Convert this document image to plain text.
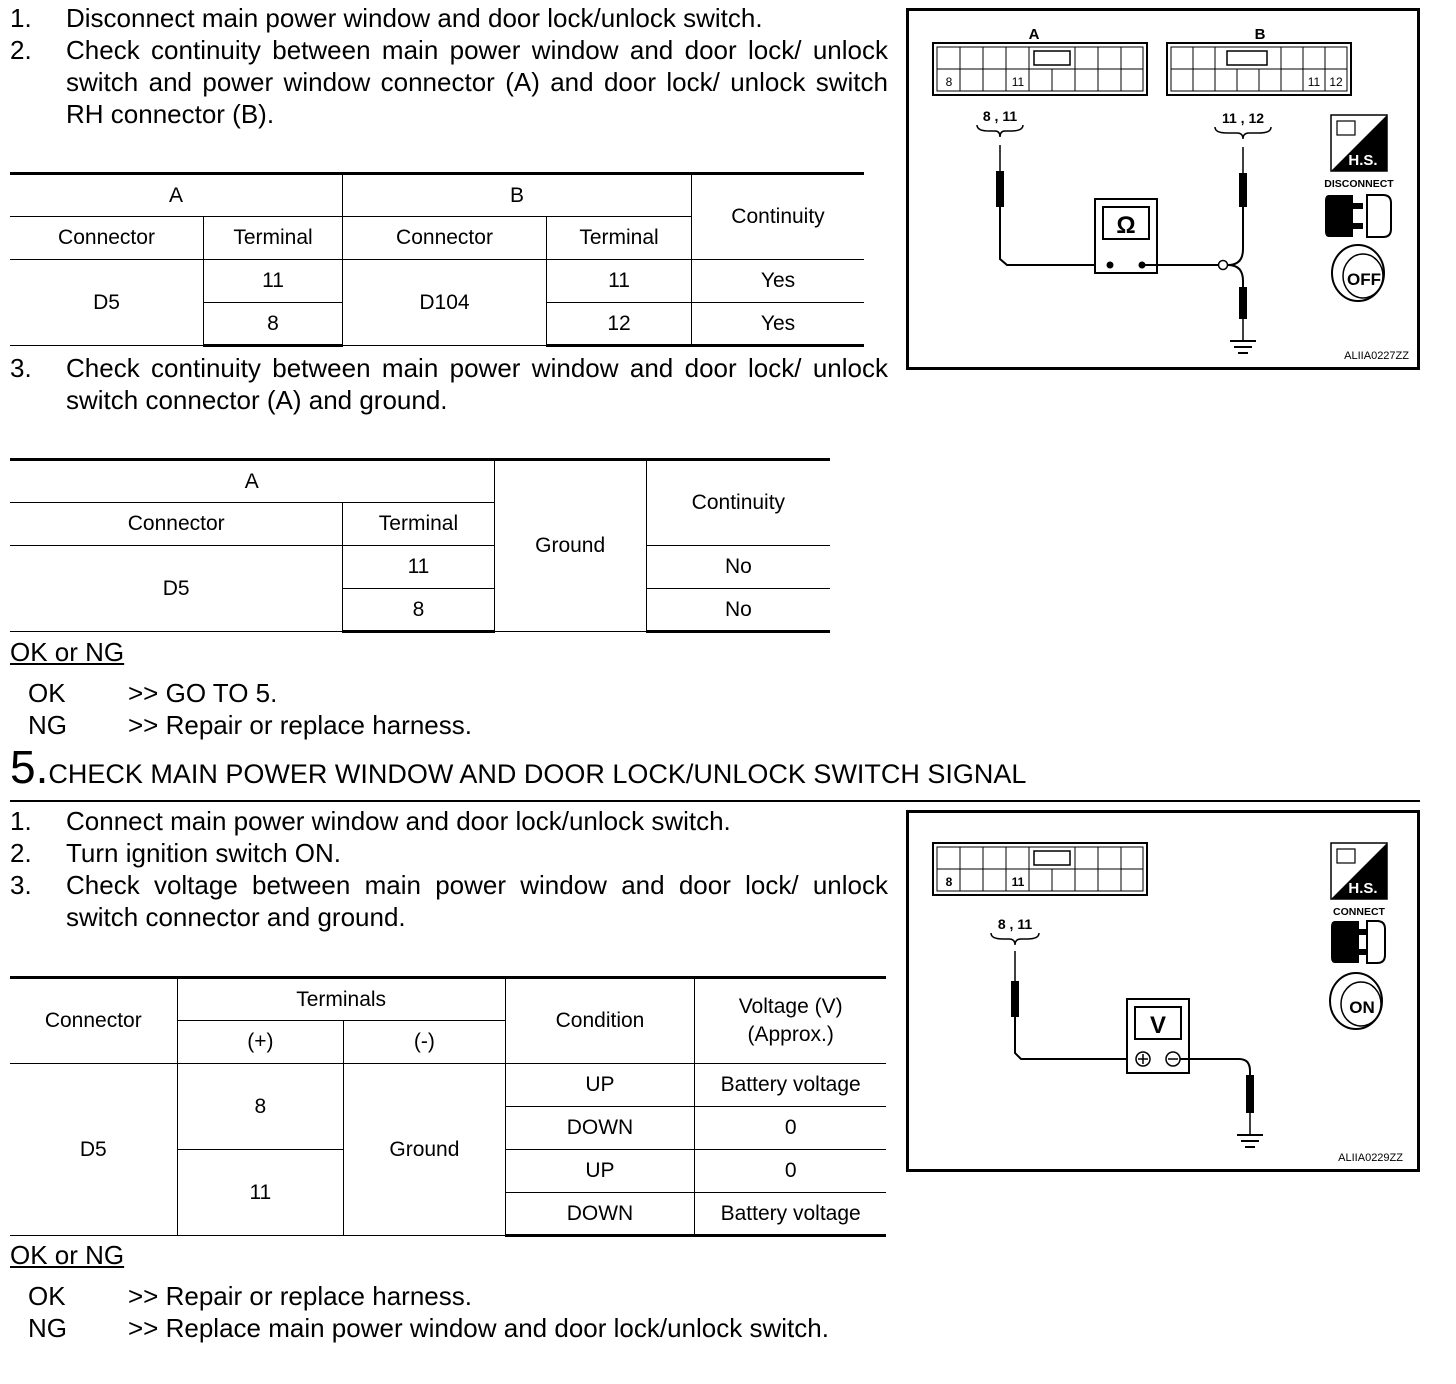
1. Disconnect main power window and door lock/unlock switch.
2. Check continuity between main power window and door lock/ unlock switch and power window connector (A) and door lock/ unlock switch RH connector (B).
A		B		Continuity
Connector	Terminal	Connector	Terminal	
D5	11	D104	11	Yes
	8		12	Yes
3. Check continuity between main power window and door lock/ unlock switch connector (A) and ground.
A		Ground	Continuity
Connector	Terminal		
D5	11		No
	8		No
OK or NG
OK >> GO TO 5.
NG >> Repair or replace harness.
A
8	11
B
11 12
8 , 11	11 , 12
Ω
H.S.
DISCONNECT
OFF
ALIIA0227ZZ
5.CHECK MAIN POWER WINDOW AND DOOR LOCK/UNLOCK SWITCH SIGNAL
1. Connect main power window and door lock/unlock switch.
2. Turn ignition switch ON.
3. Check voltage between main power window and door lock/ unlock switch connector and ground.
Connector	Terminals		Condition	Voltage (V)
(Approx.)
	(+)	(-)		
D5	8	Ground	UP	Battery voltage
			DOWN	0
	11		UP	0
			DOWN	Battery voltage
OK or NG
OK >> Repair or replace harness.
NG >> Replace main power window and door lock/unlock switch.
8	11
8 , 11
V
H.S.
CONNECT
ON
ALIIA0229ZZ
